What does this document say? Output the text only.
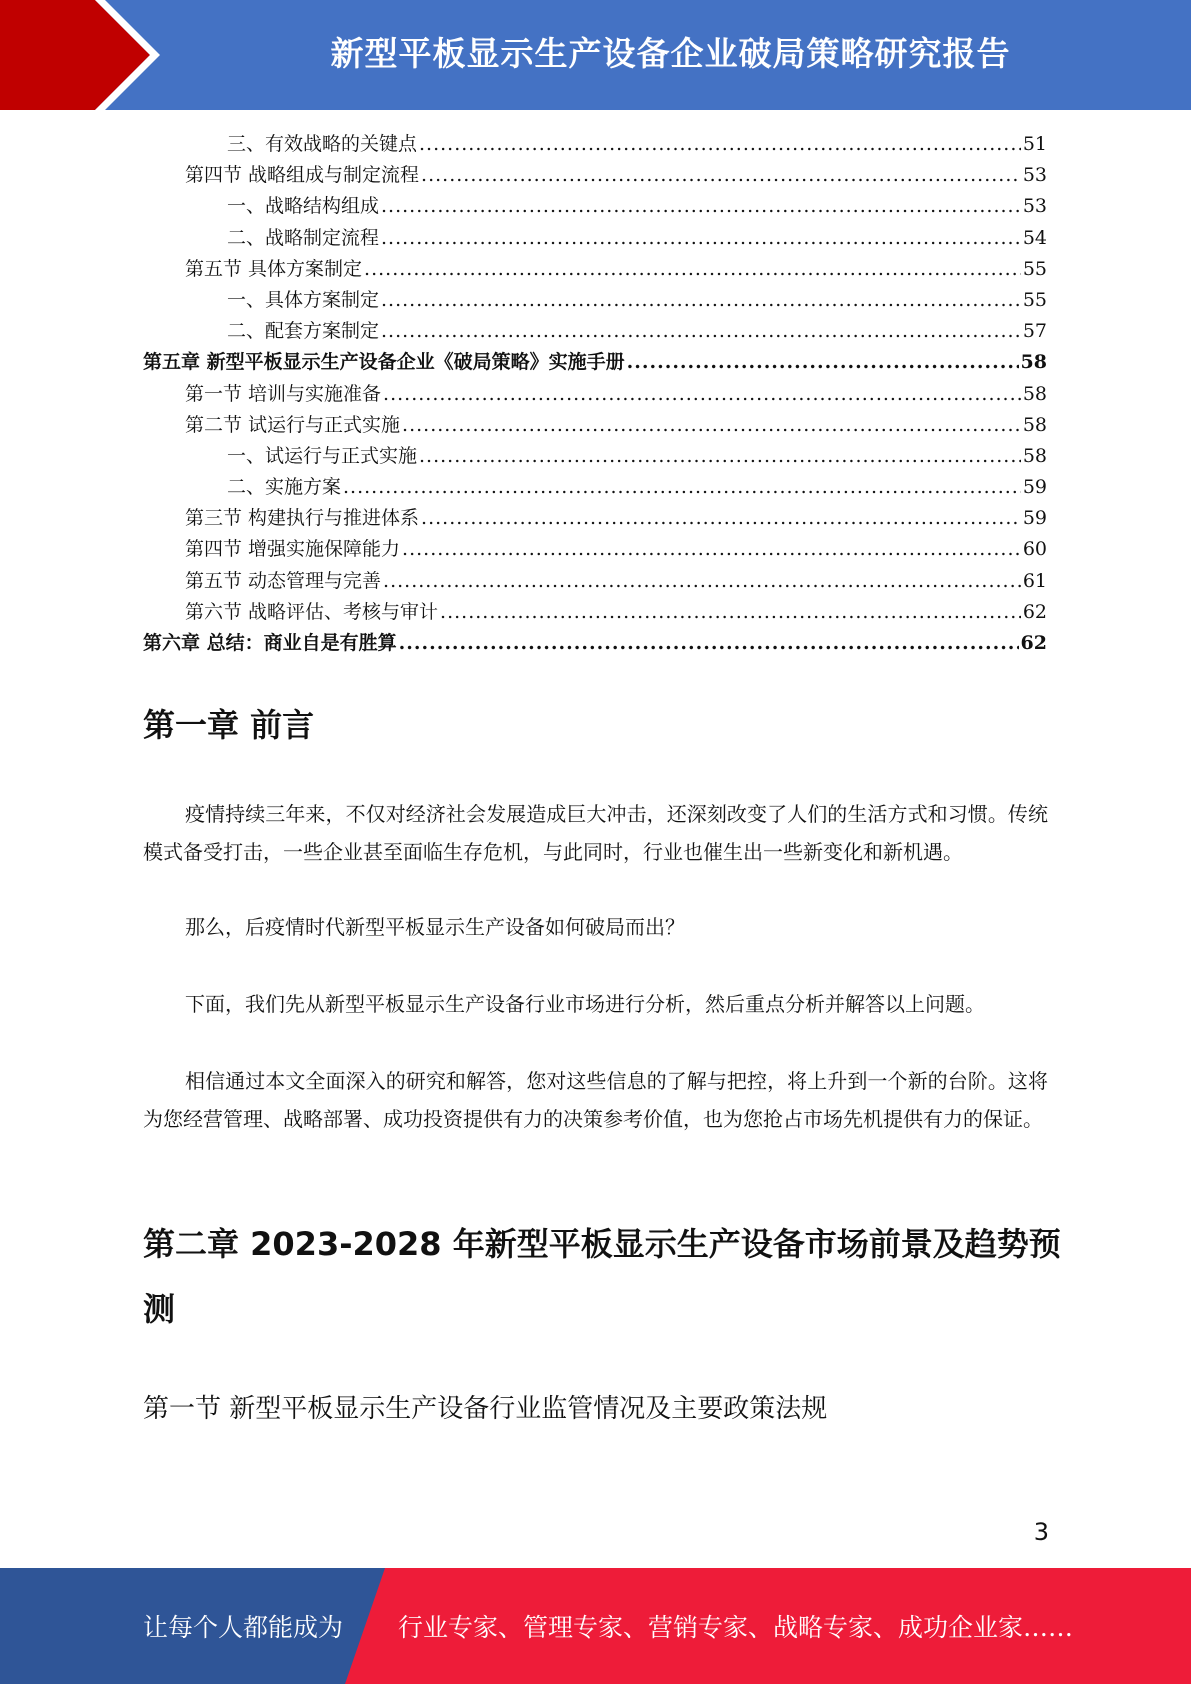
新型平板显示生产设备企业破局策略研究报告
三、有效战略的关键点 .....	51
第四节 战略组成与制定流程 .....	53
一、战略结构组成 .....	53
二、战略制定流程 .....	54
第五节 具体方案制定 .....	55
一、具体方案制定 .....	55
二、配套方案制定 .....	57
第五章 新型平板显示生产设备企业《破局策略》实施手册 .....	58
第一节 培训与实施准备 .....	58
第二节 试运行与正式实施 .....	58
一、试运行与正式实施 .....	58
二、实施方案 .....	59
第三节 构建执行与推进体系 .....	59
第四节 增强实施保障能力 .....	60
第五节 动态管理与完善 .....	61
第六节 战略评估、考核与审计 .....	62
第六章 总结：商业自是有胜算 .....	62
第一章 前言
疫情持续三年来，不仅对经济社会发展造成巨大冲击，还深刻改变了人们的生活方式和习惯。传统模式备受打击，一些企业甚至面临生存危机，与此同时，行业也催生出一些新变化和新机遇。
那么，后疫情时代新型平板显示生产设备如何破局而出？
下面，我们先从新型平板显示生产设备行业市场进行分析，然后重点分析并解答以上问题。
相信通过本文全面深入的研究和解答，您对这些信息的了解与把控，将上升到一个新的台阶。这将为您经营管理、战略部署、成功投资提供有力的决策参考价值，也为您抢占市场先机提供有力的保证。
第二章 2023-2028 年新型平板显示生产设备市场前景及趋势预测
第一节 新型平板显示生产设备行业监管情况及主要政策法规
3
让每个人都能成为 行业专家、管理专家、营销专家、战略专家、成功企业家……
